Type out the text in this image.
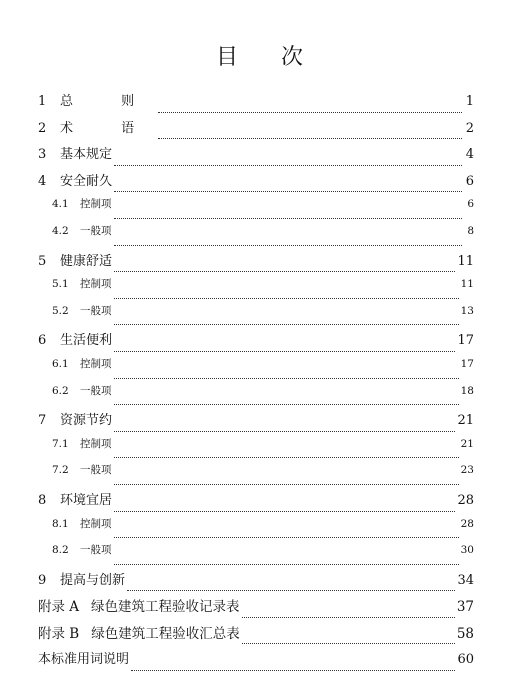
目 次
1	总 则	1
2	术 语	2
3	基本规定	4
4	安全耐久	6
4.1	控制项	6
4.2	一般项	8
5	健康舒适	11
5.1	控制项	11
5.2	一般项	13
6	生活便利	17
6.1	控制项	17
6.2	一般项	18
7	资源节约	21
7.1	控制项	21
7.2	一般项	23
8	环境宜居	28
8.1	控制项	28
8.2	一般项	30
9	提高与创新	34
附录 A 绿色建筑工程验收记录表	37
附录 B 绿色建筑工程验收汇总表	58
本标准用词说明	60
